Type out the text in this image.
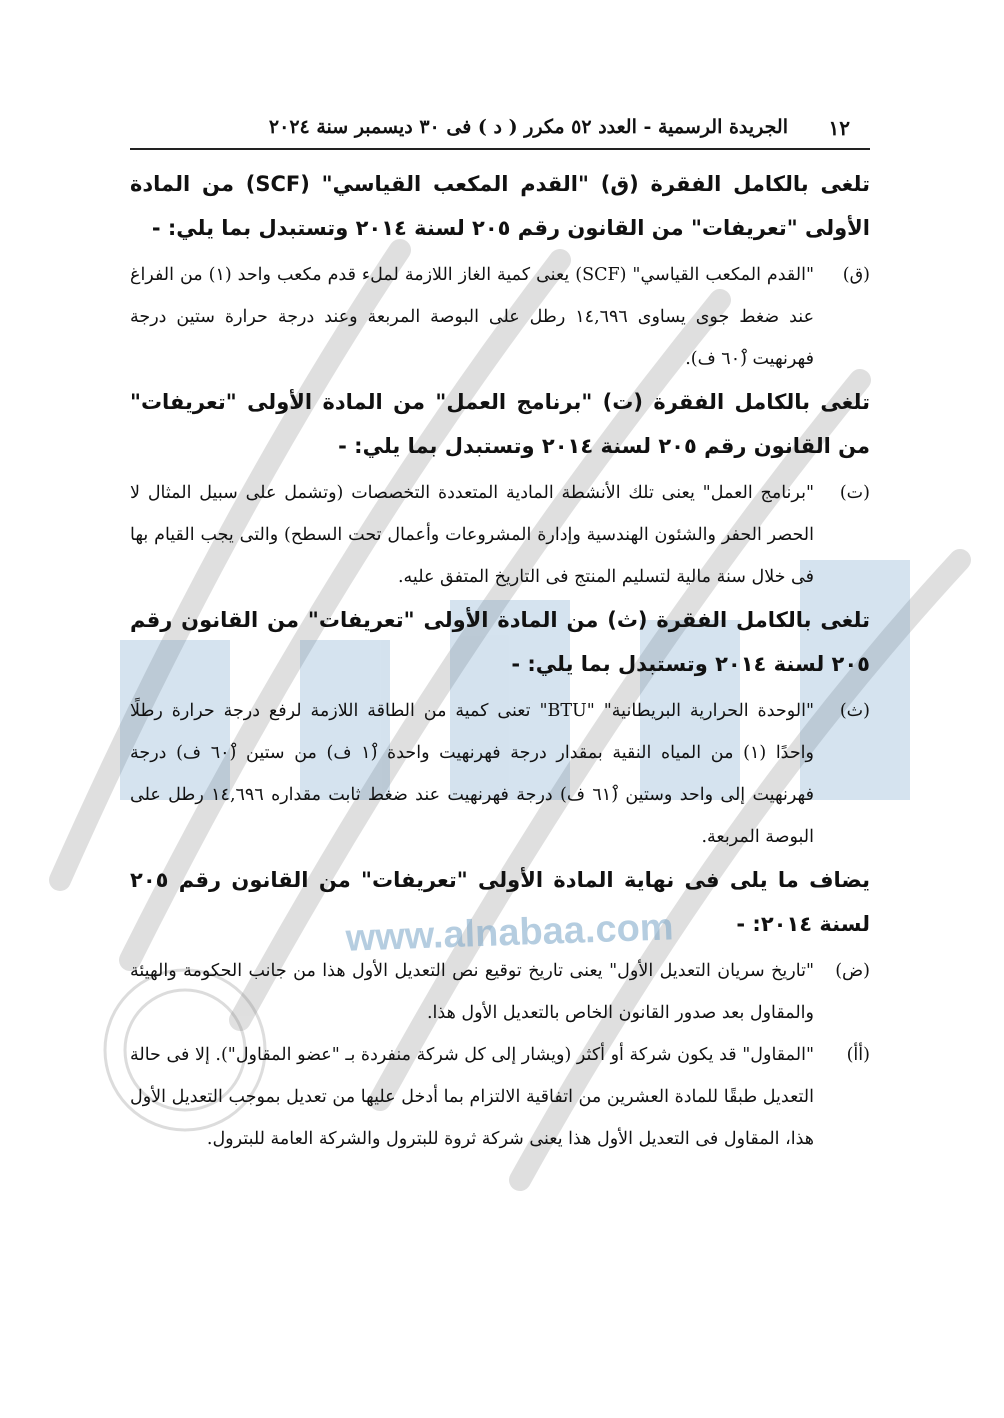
www.alnabaa.com
١٢
الجريدة الرسمية - العدد ٥٢ مكرر ( د ) فى ٣٠ ديسمبر سنة ٢٠٢٤

تلغى بالكامل الفقرة (ق) "القدم المكعب القياسي" (SCF) من المادة الأولى "تعريفات" من القانون رقم ٢٠٥ لسنة ٢٠١٤ وتستبدل بما يلي: -

(ق)
"القدم المكعب القياسي" (SCF) يعنى كمية الغاز اللازمة لملء قدم مكعب واحد (١) من الفراغ عند ضغط جوى يساوى ١٤,٦٩٦ رطل على البوصة المربعة وعند درجة حرارة ستين درجة فهرنهيت (٦٠ْ ف).

تلغى بالكامل الفقرة (ت) "برنامج العمل" من المادة الأولى "تعريفات" من القانون رقم ٢٠٥ لسنة ٢٠١٤ وتستبدل بما يلي: -

(ت)
"برنامج العمل" يعنى تلك الأنشطة المادية المتعددة التخصصات (وتشمل على سبيل المثال لا الحصر الحفر والشئون الهندسية وإدارة المشروعات وأعمال تحت السطح) والتى يجب القيام بها فى خلال سنة مالية لتسليم المنتج فى التاريخ المتفق عليه.

تلغى بالكامل الفقرة (ث) من المادة الأولى "تعريفات" من القانون رقم ٢٠٥ لسنة ٢٠١٤ وتستبدل بما يلي: -

(ث)
"الوحدة الحرارية البريطانية" "BTU" تعنى كمية من الطاقة اللازمة لرفع درجة حرارة رطلًا واحدًا (١) من المياه النقية بمقدار درجة فهرنهيت واحدة (١ْ ف) من ستين (٦٠ْ ف) درجة فهرنهيت إلى واحد وستين (٦١ْ ف) درجة فهرنهيت عند ضغط ثابت مقداره ١٤,٦٩٦ رطل على البوصة المربعة.

يضاف ما يلى فى نهاية المادة الأولى "تعريفات" من القانون رقم ٢٠٥ لسنة ٢٠١٤: -

(ض)
"تاريخ سريان التعديل الأول" يعنى تاريخ توقيع نص التعديل الأول هذا من جانب الحكومة والهيئة والمقاول بعد صدور القانون الخاص بالتعديل الأول هذا.

(أأ)
"المقاول" قد يكون شركة أو أكثر (ويشار إلى كل شركة منفردة بـ "عضو المقاول"). إلا فى حالة التعديل طبقًا للمادة العشرين من اتفاقية الالتزام بما أدخل عليها من تعديل بموجب التعديل الأول هذا، المقاول فى التعديل الأول هذا يعنى شركة ثروة للبترول والشركة العامة للبترول.
